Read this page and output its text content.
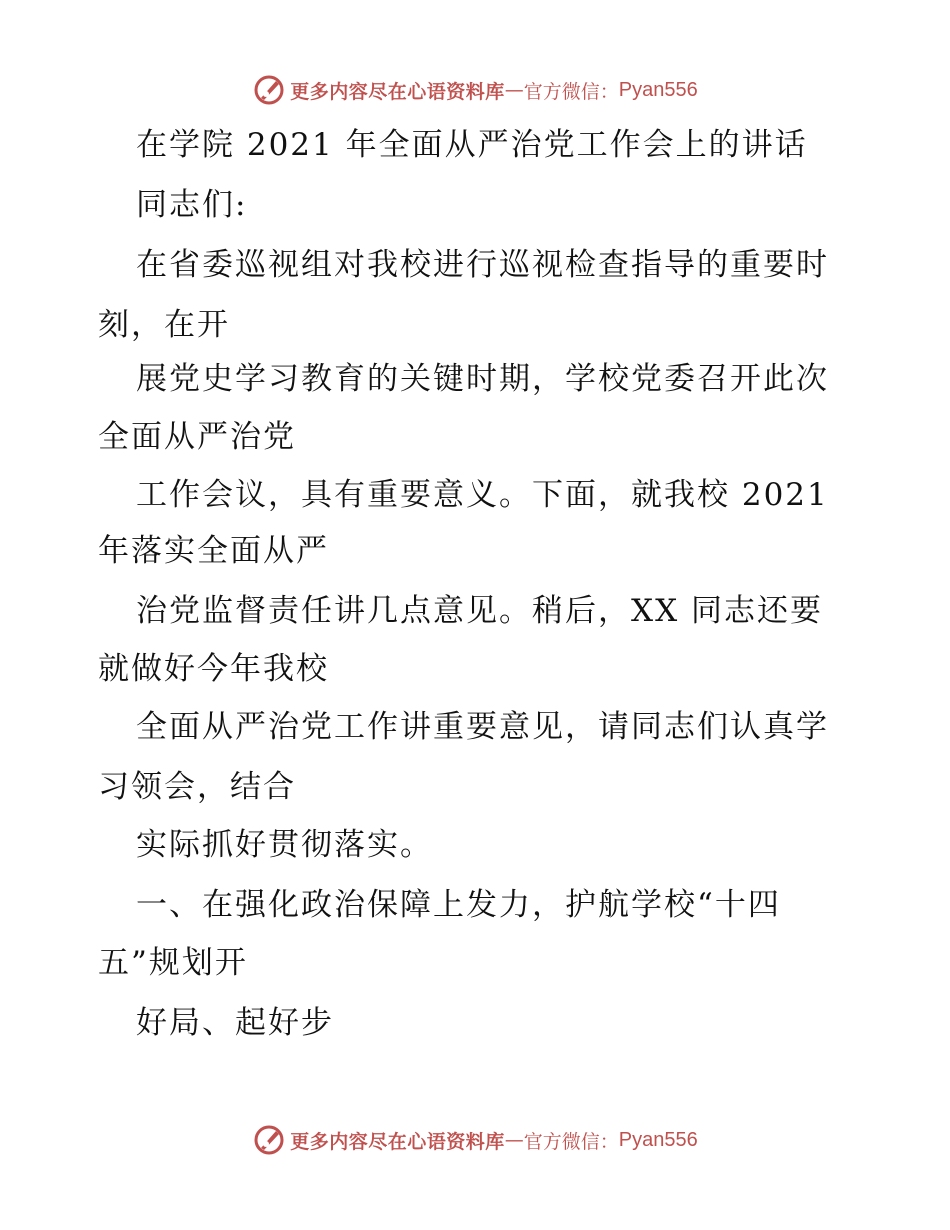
更多内容尽在心语资料库 — 官方微信： Pyan556
在学院 2021 年全面从严治党工作会上的讲话
同志们:
在省委巡视组对我校进行巡视检查指导的重要时
刻，在开
展党史学习教育的关键时期，学校党委召开此次
全面从严治党
工作会议，具有重要意义。下面，就我校 2021
年落实全面从严
治党监督责任讲几点意见。稍后，XX 同志还要
就做好今年我校
全面从严治党工作讲重要意见，请同志们认真学
习领会，结合
实际抓好贯彻落实。
一、在强化政治保障上发力，护航学校“十四
五”规划开
好局、起好步
更多内容尽在心语资料库 — 官方微信： Pyan556
